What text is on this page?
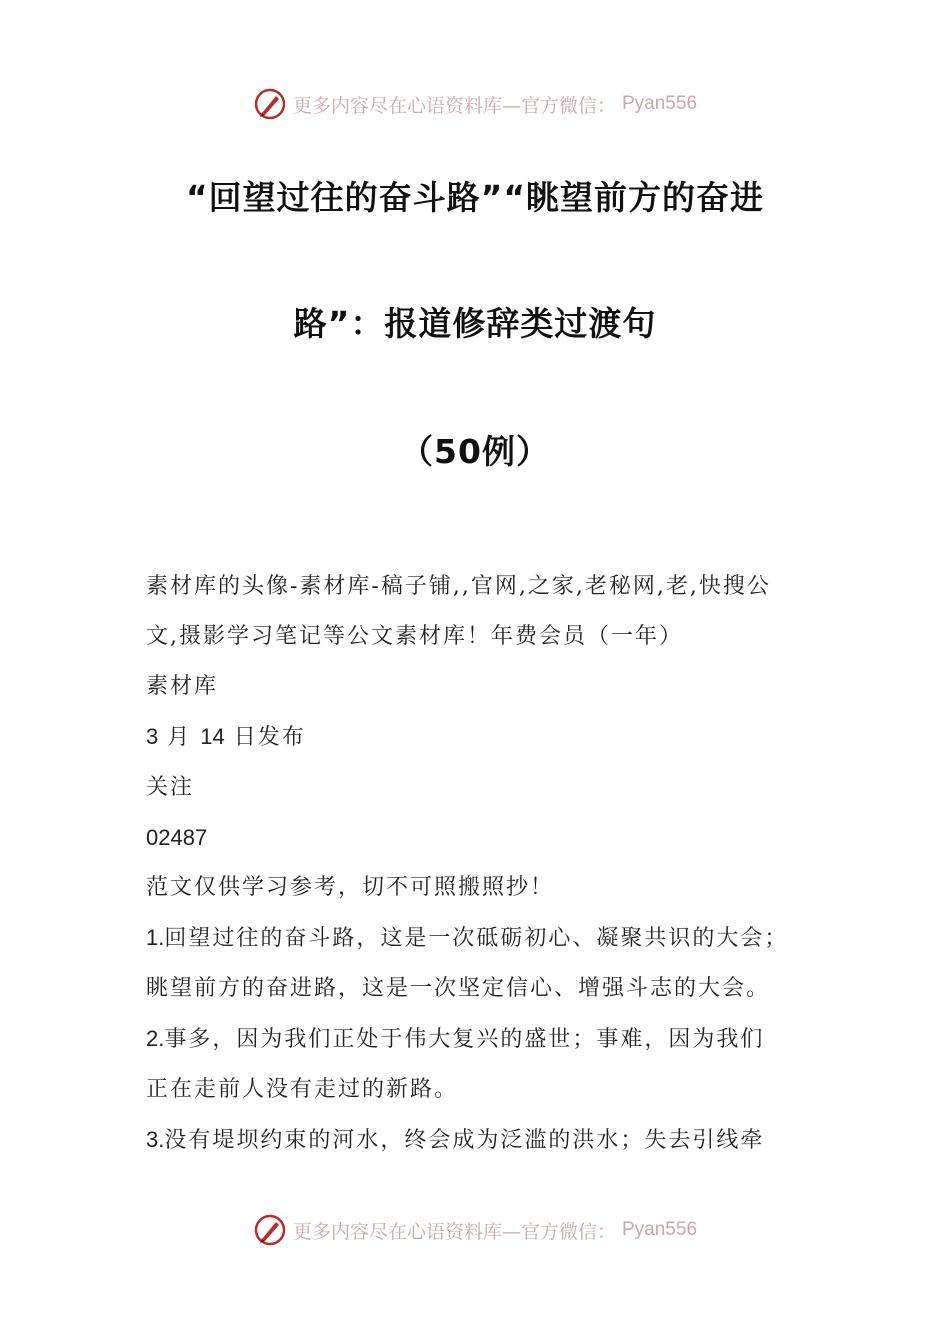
更多内容尽在心语资料库—官方微信： Pyan556
“回望过往的奋斗路”“眺望前方的奋进
路”：报道修辞类过渡句
（50例）

素材库的头像-素材库-稿子铺,,官网,之家,老秘网,老,快搜公

文,摄影学习笔记等公文素材库！年费会员（一年）

素材库

3 月 14 日发布

关注

02487

范文仅供学习参考，切不可照搬照抄！

1.回望过往的奋斗路，这是一次砥砺初心、凝聚共识的大会；

眺望前方的奋进路，这是一次坚定信心、增强斗志的大会。

2.事多，因为我们正处于伟大复兴的盛世；事难，因为我们

正在走前人没有走过的新路。

3.没有堤坝约束的河水，终会成为泛滥的洪水；失去引线牵

更多内容尽在心语资料库—官方微信： Pyan556
